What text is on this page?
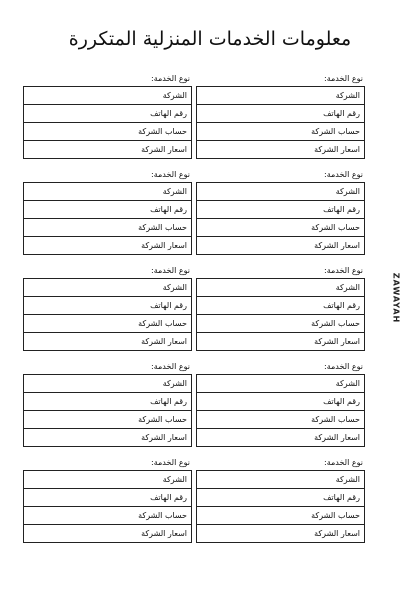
معلومات الخدمات المنزلية المتكررة
نوع الخدمة:
الشركة
رقم الهاتف
حساب الشركة
اسعار الشركة
نوع الخدمة:
الشركة
رقم الهاتف
حساب الشركة
اسعار الشركة
نوع الخدمة:
الشركة
رقم الهاتف
حساب الشركة
اسعار الشركة
نوع الخدمة:
الشركة
رقم الهاتف
حساب الشركة
اسعار الشركة
نوع الخدمة:
الشركة
رقم الهاتف
حساب الشركة
اسعار الشركة
نوع الخدمة:
الشركة
رقم الهاتف
حساب الشركة
اسعار الشركة
نوع الخدمة:
الشركة
رقم الهاتف
حساب الشركة
اسعار الشركة
نوع الخدمة:
الشركة
رقم الهاتف
حساب الشركة
اسعار الشركة
نوع الخدمة:
الشركة
رقم الهاتف
حساب الشركة
اسعار الشركة
نوع الخدمة:
الشركة
رقم الهاتف
حساب الشركة
اسعار الشركة
ZAWAYAH
